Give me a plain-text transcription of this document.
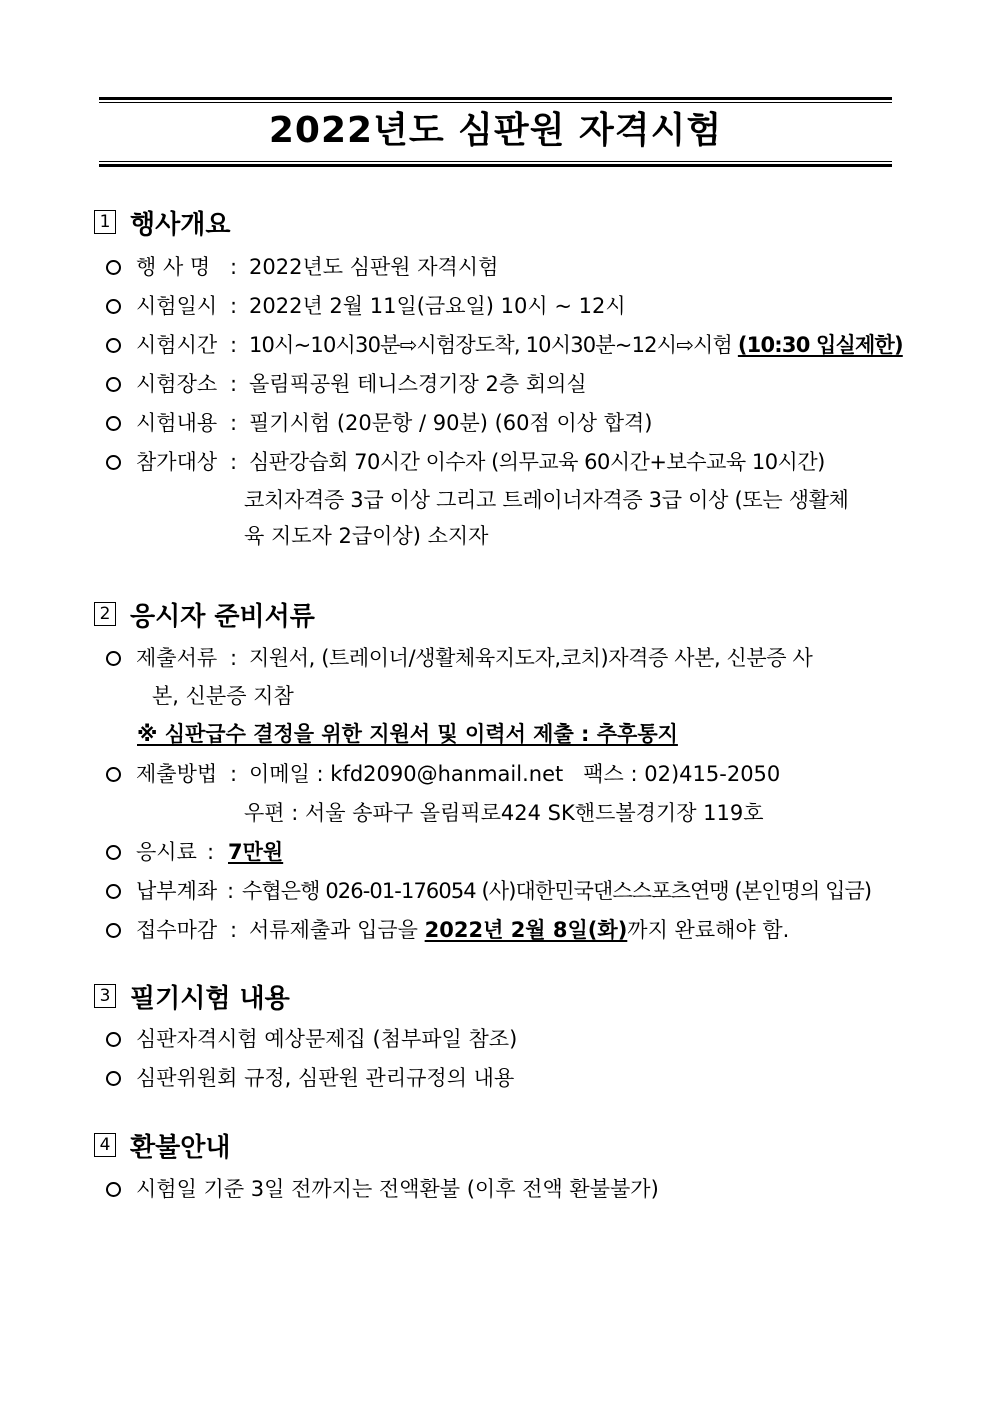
2022년도 심판원 자격시험
1 행사개요
행 사 명 : 2022년도 심판원 자격시험
시험일시 : 2022년 2월 11일(금요일) 10시 ~ 12시
시험시간 : 10시~10시30분⇨시험장도착, 10시30분~12시⇨시험 (10:30 입실제한)
시험장소 : 올림픽공원 테니스경기장 2층 회의실
시험내용 : 필기시험 (20문항 / 90분) (60점 이상 합격)
참가대상 : 심판강습회 70시간 이수자 (의무교육 60시간+보수교육 10시간)
코치자격증 3급 이상 그리고 트레이너자격증 3급 이상 (또는 생활체
육 지도자 2급이상) 소지자
2 응시자 준비서류
제출서류 : 지원서, (트레이너/생활체육지도자,코치)자격증 사본, 신분증 사
본, 신분증 지참
※ 심판급수 결정을 위한 지원서 및 이력서 제출 : 추후통지
제출방법 : 이메일 : kfd2090@hanmail.net   팩스 : 02)415-2050
우편 : 서울 송파구 올림픽로424 SK핸드볼경기장 119호
응시료 : 7만원
납부계좌 : 수협은행 026-01-176054 (사)대한민국댄스스포츠연맹 (본인명의 입금)
접수마감 : 서류제출과 입금을 2022년 2월 8일(화)까지 완료해야 함.
3 필기시험 내용
심판자격시험 예상문제집 (첨부파일 참조)
심판위원회 규정, 심판원 관리규정의 내용
4 환불안내
시험일 기준 3일 전까지는 전액환불 (이후 전액 환불불가)
